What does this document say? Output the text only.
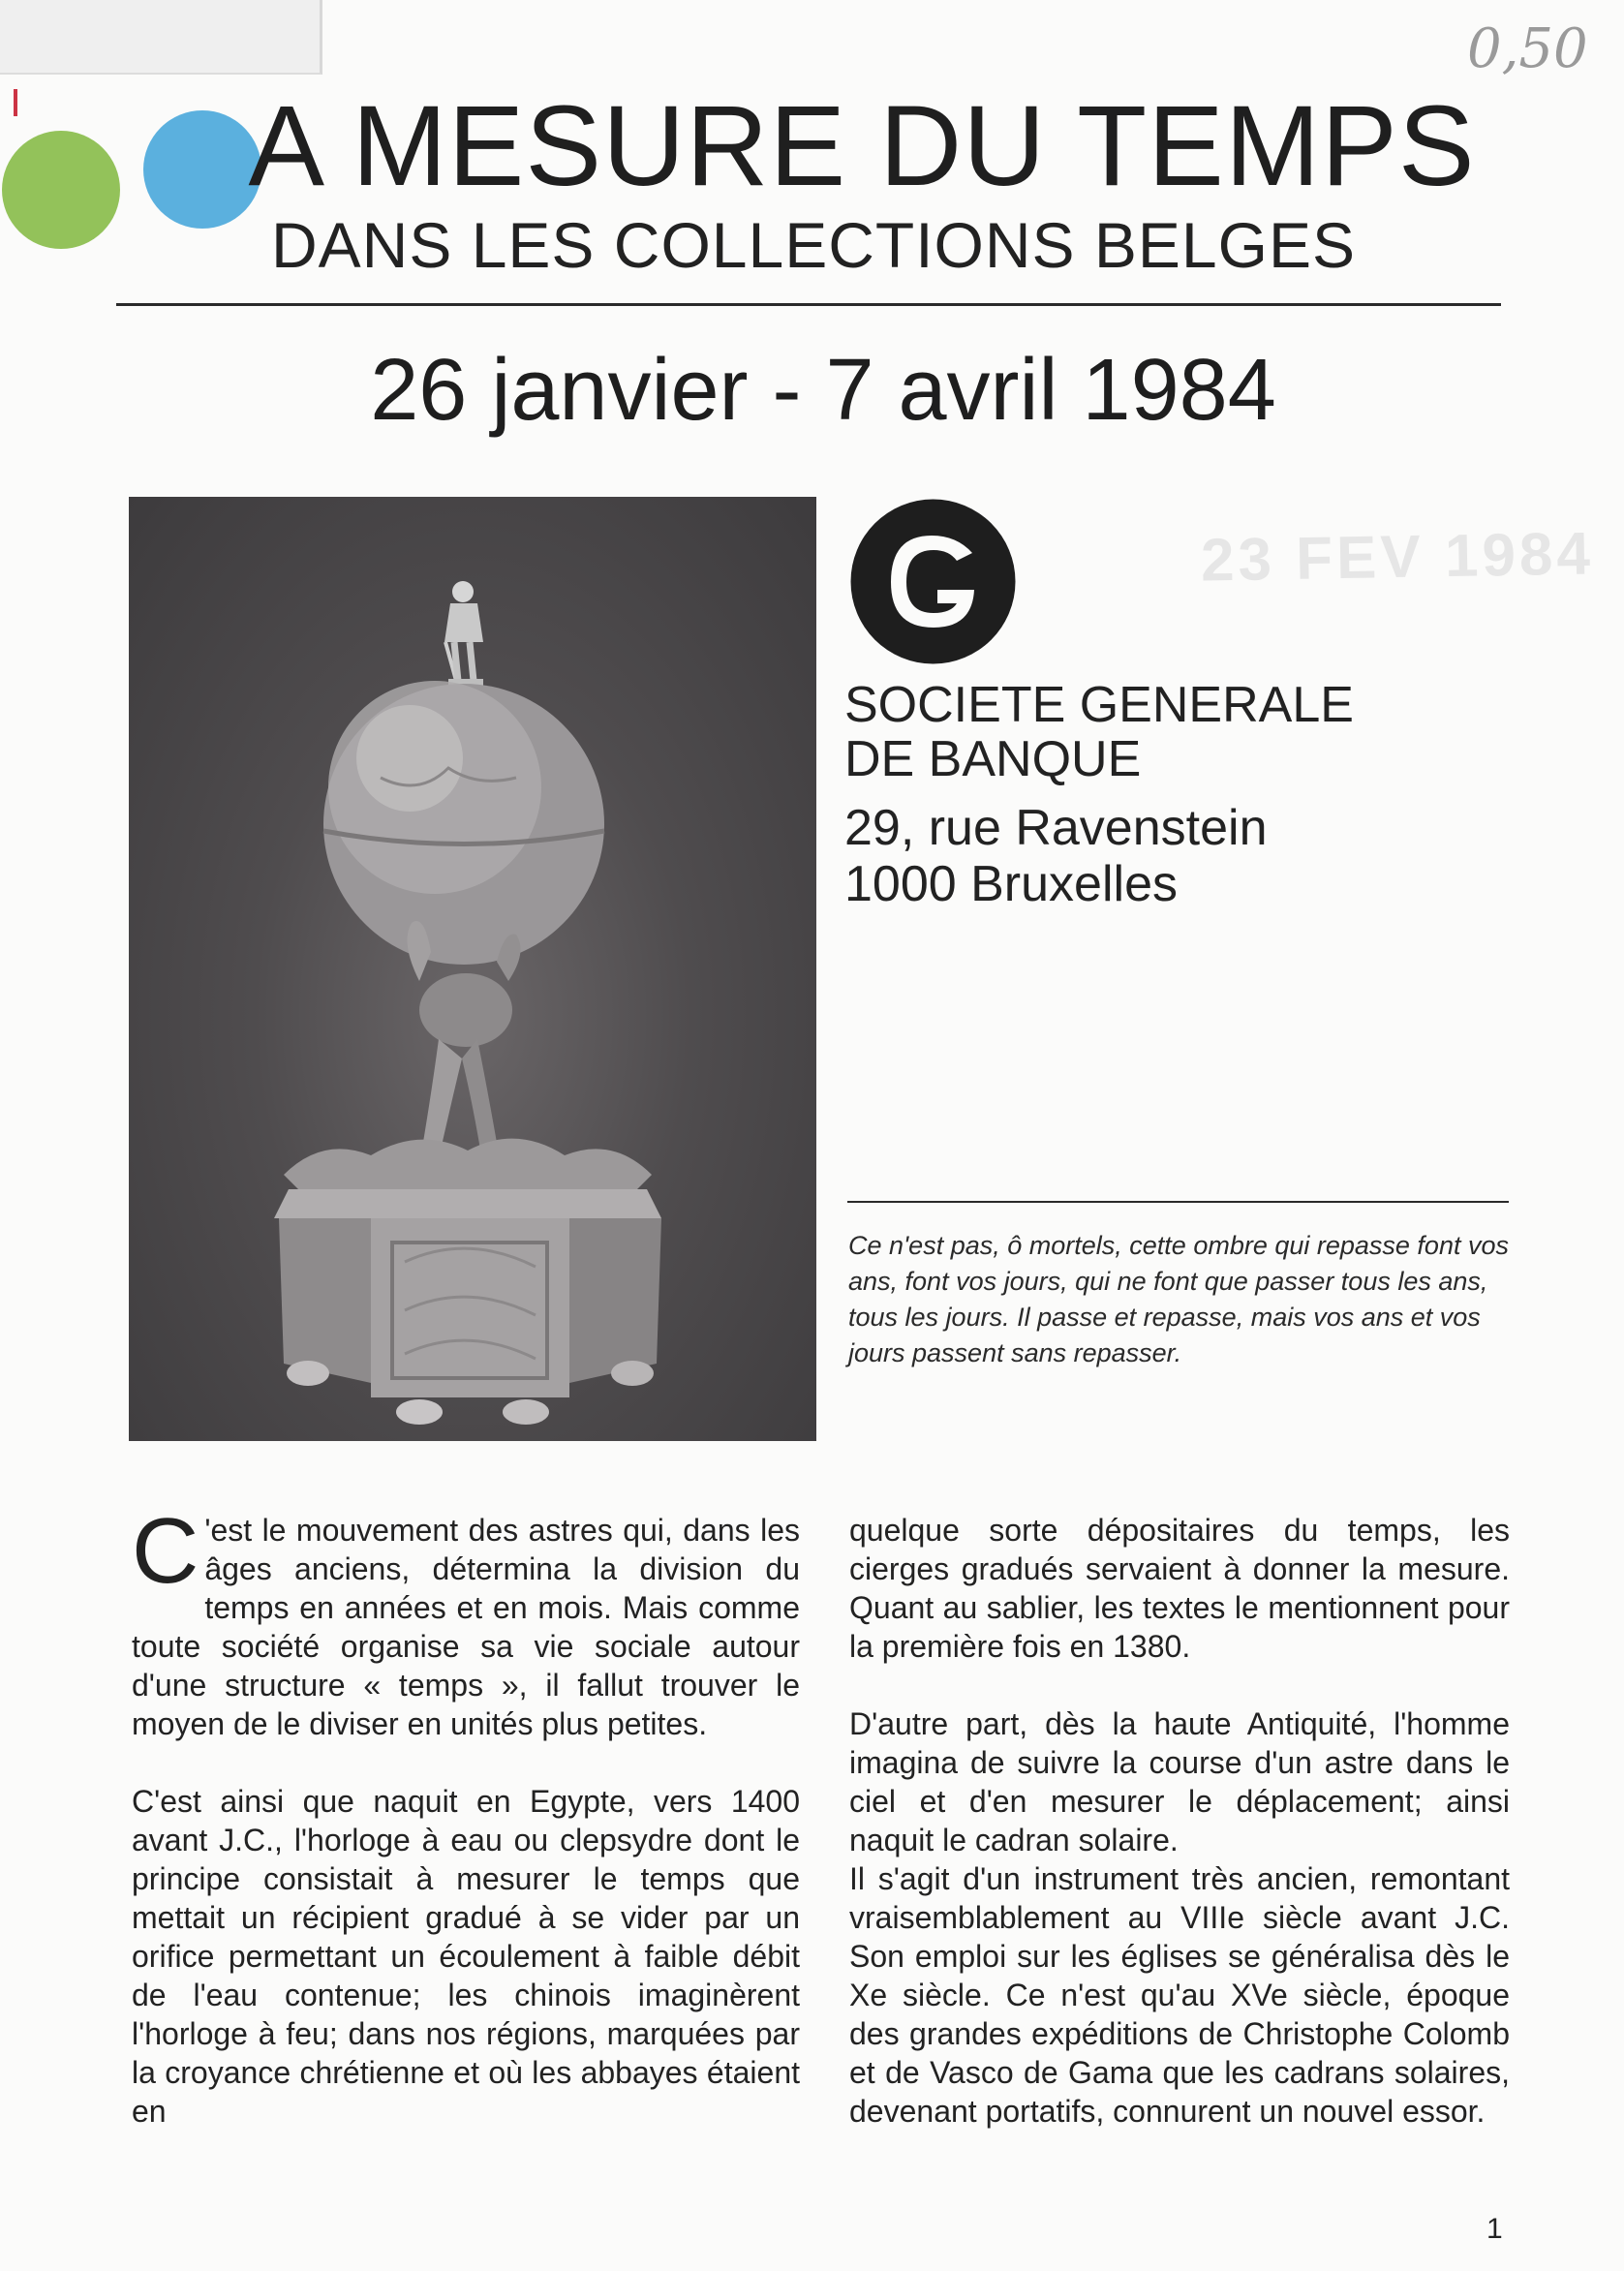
0,50
23 FEV 1984
A MESURE DU TEMPS
DANS LES COLLECTIONS BELGES
26 janvier - 7 avril 1984
SOCIETE GENERALE
DE BANQUE
29, rue Ravenstein
1000 Bruxelles
Ce n'est pas, ô mortels, cette ombre qui repasse font vos ans, font vos jours, qui ne font que passer tous les ans, tous les jours. Il passe et repasse, mais vos ans et vos jours passent sans repasser.

C 'est le mouvement des astres qui, dans les âges anciens, détermina la division du temps en années et en mois. Mais comme toute société organise sa vie sociale autour d'une structure « temps », il fallut trouver le moyen de le diviser en unités plus petites.

C'est ainsi que naquit en Egypte, vers 1400 avant J.C., l'horloge à eau ou clepsydre dont le principe consistait à mesurer le temps que mettait un récipient gradué à se vider par un orifice permettant un écoulement à faible débit de l'eau contenue; les chinois imaginèrent l'horloge à feu; dans nos régions, marquées par la croyance chrétienne et où les abbayes étaient en

quelque sorte dépositaires du temps, les cierges gradués servaient à donner la mesure. Quant au sablier, les textes le mentionnent pour la première fois en 1380.

D'autre part, dès la haute Antiquité, l'homme imagina de suivre la course d'un astre dans le ciel et d'en mesurer le déplacement; ainsi naquit le cadran solaire.

Il s'agit d'un instrument très ancien, remontant vraisemblablement au VIIIe siècle avant J.C. Son emploi sur les églises se généralisa dès le Xe siècle. Ce n'est qu'au XVe siècle, époque des grandes expéditions de Christophe Colomb et de Vasco de Gama que les cadrans solaires, devenant portatifs, connurent un nouvel essor.

1
